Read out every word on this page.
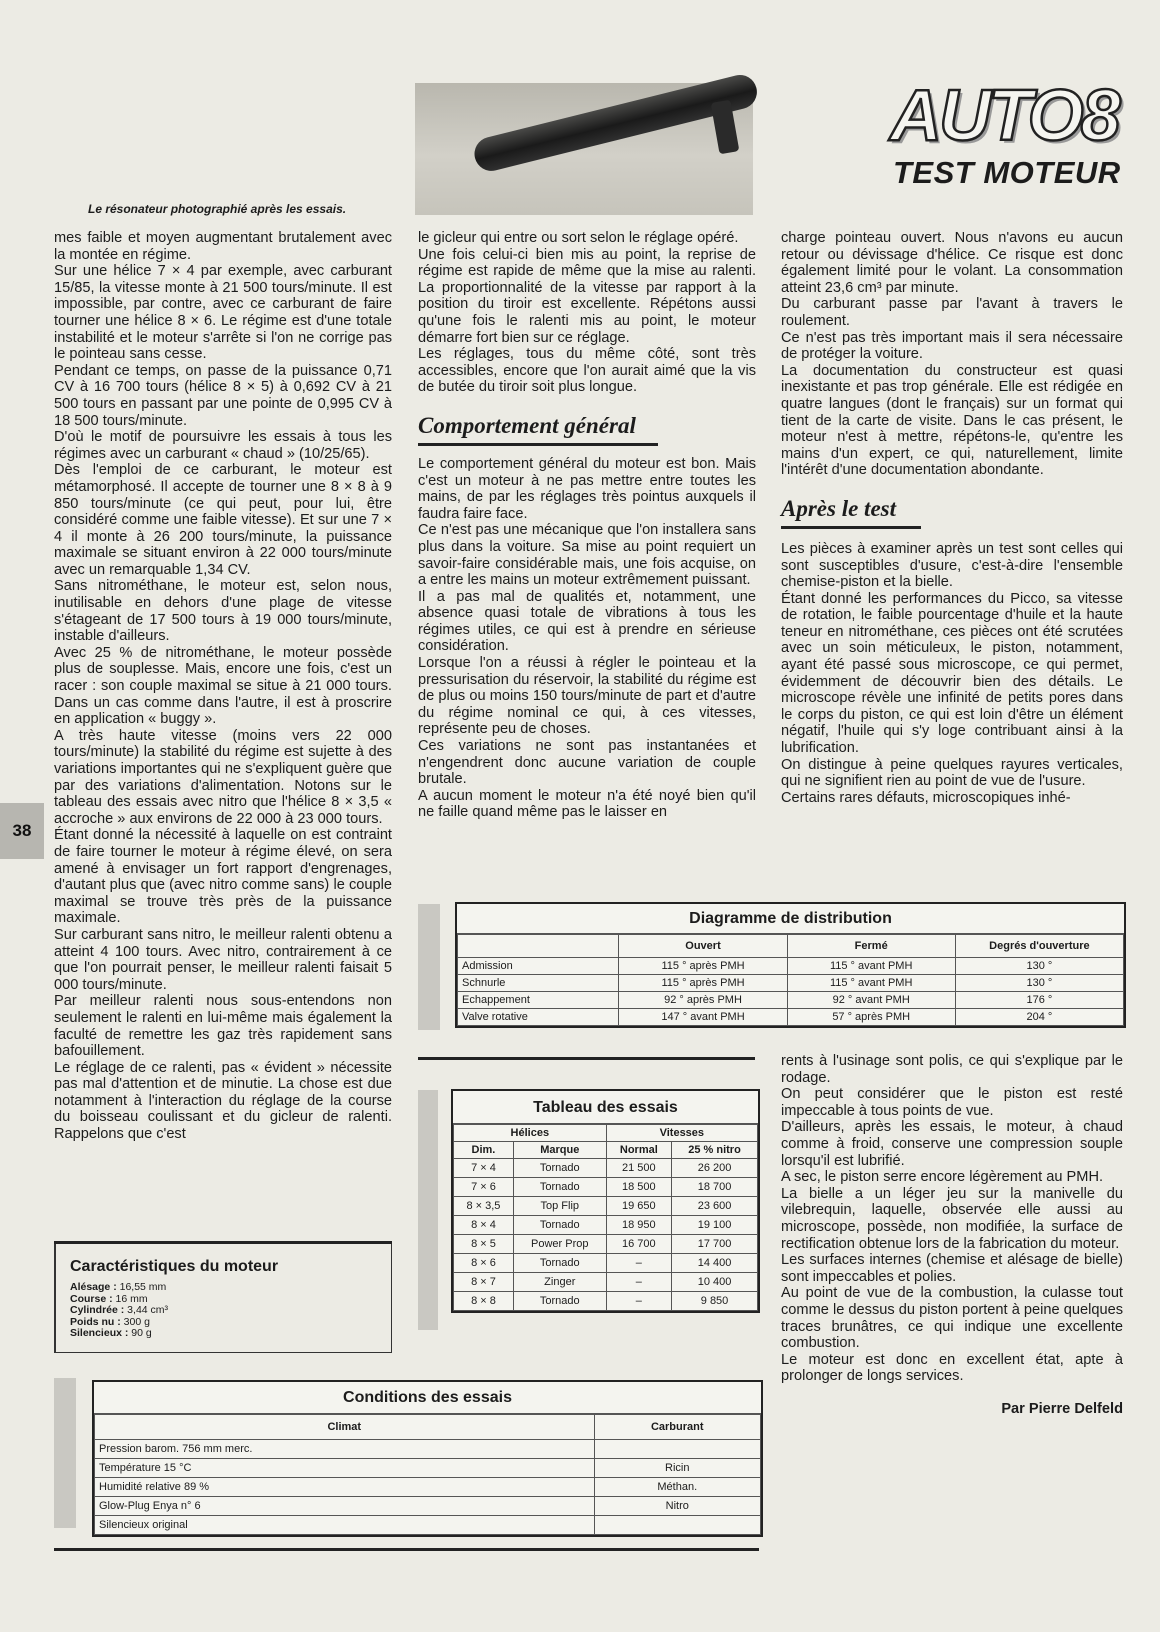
Le résonateur photographié après les essais.
AUTO8
TEST MOTEUR
38

mes faible et moyen augmentant brutalement avec la montée en régime.

Sur une hélice 7 × 4 par exemple, avec carburant 15/85, la vitesse monte à 21 500 tours/minute. Il est impossible, par contre, avec ce carburant de faire tourner une hélice 8 × 6. Le régime est d'une totale instabilité et le moteur s'arrête si l'on ne corrige pas le pointeau sans cesse.

Pendant ce temps, on passe de la puissance 0,71 CV à 16 700 tours (hélice 8 × 5) à 0,692 CV à 21 500 tours en passant par une pointe de 0,995 CV à 18 500 tours/minute.

D'où le motif de poursuivre les essais à tous les régimes avec un carburant « chaud » (10/25/65).

Dès l'emploi de ce carburant, le moteur est métamorphosé. Il accepte de tourner une 8 × 8 à 9 850 tours/minute (ce qui peut, pour lui, être considéré comme une faible vitesse). Et sur une 7 × 4 il monte à 26 200 tours/minute, la puissance maximale se situant environ à 22 000 tours/minute avec un remarquable 1,34 CV.

Sans nitrométhane, le moteur est, selon nous, inutilisable en dehors d'une plage de vitesse s'étageant de 17 500 tours à 19 000 tours/minute, instable d'ailleurs.

Avec 25 % de nitrométhane, le moteur possède plus de souplesse. Mais, encore une fois, c'est un racer : son couple maximal se situe à 21 000 tours. Dans un cas comme dans l'autre, il est à proscrire en application « buggy ».

A très haute vitesse (moins vers 22 000 tours/minute) la stabilité du régime est sujette à des variations importantes qui ne s'expliquent guère que par des variations d'alimentation. Notons sur le tableau des essais avec nitro que l'hélice 8 × 3,5 « accroche » aux environs de 22 000 à 23 000 tours.

Étant donné la nécessité à laquelle on est contraint de faire tourner le moteur à régime élevé, on sera amené à envisager un fort rapport d'engrenages, d'autant plus que (avec nitro comme sans) le couple maximal se trouve très près de la puissance maximale.

Sur carburant sans nitro, le meilleur ralenti obtenu a atteint 4 100 tours. Avec nitro, contrairement à ce que l'on pourrait penser, le meilleur ralenti faisait 5 000 tours/minute.

Par meilleur ralenti nous sous-entendons non seulement le ralenti en lui-même mais également la faculté de remettre les gaz très rapidement sans bafouillement.

Le réglage de ce ralenti, pas « évident » nécessite pas mal d'attention et de minutie. La chose est due notamment à l'interaction du réglage de la course du boisseau coulissant et du gicleur de ralenti. Rappelons que c'est

le gicleur qui entre ou sort selon le réglage opéré.

Une fois celui-ci bien mis au point, la reprise de régime est rapide de même que la mise au ralenti. La proportionnalité de la vitesse par rapport à la position du tiroir est excellente. Répétons aussi qu'une fois le ralenti mis au point, le moteur démarre fort bien sur ce réglage.

Les réglages, tous du même côté, sont très accessibles, encore que l'on aurait aimé que la vis de butée du tiroir soit plus longue.

Comportement général

Le comportement général du moteur est bon. Mais c'est un moteur à ne pas mettre entre toutes les mains, de par les réglages très pointus auxquels il faudra faire face.

Ce n'est pas une mécanique que l'on installera sans plus dans la voiture. Sa mise au point requiert un savoir-faire considérable mais, une fois acquise, on a entre les mains un moteur extrêmement puissant.

Il a pas mal de qualités et, notamment, une absence quasi totale de vibrations à tous les régimes utiles, ce qui est à prendre en sérieuse considération.

Lorsque l'on a réussi à régler le pointeau et la pressurisation du réservoir, la stabilité du régime est de plus ou moins 150 tours/minute de part et d'autre du régime nominal ce qui, à ces vitesses, représente peu de choses.

Ces variations ne sont pas instantanées et n'engendrent donc aucune variation de couple brutale.

A aucun moment le moteur n'a été noyé bien qu'il ne faille quand même pas le laisser en

charge pointeau ouvert. Nous n'avons eu aucun retour ou dévissage d'hélice. Ce risque est donc également limité pour le volant. La consommation atteint 23,6 cm³ par minute.

Du carburant passe par l'avant à travers le roulement.

Ce n'est pas très important mais il sera nécessaire de protéger la voiture.

La documentation du constructeur est quasi inexistante et pas trop générale. Elle est rédigée en quatre langues (dont le français) sur un format qui tient de la carte de visite. Dans le cas présent, le moteur n'est à mettre, répétons-le, qu'entre les mains d'un expert, ce qui, naturellement, limite l'intérêt d'une documentation abondante.

Après le test

Les pièces à examiner après un test sont celles qui sont susceptibles d'usure, c'est-à-dire l'ensemble chemise-piston et la bielle.

Étant donné les performances du Picco, sa vitesse de rotation, le faible pourcentage d'huile et la haute teneur en nitrométhane, ces pièces ont été scrutées avec un soin méticuleux, le piston, notamment, ayant été passé sous microscope, ce qui permet, évidemment de découvrir bien des détails. Le microscope révèle une infinité de petits pores dans le corps du piston, ce qui est loin d'être un élément négatif, l'huile qui s'y loge contribuant ainsi à la lubrification.

On distingue à peine quelques rayures verticales, qui ne signifient rien au point de vue de l'usure.

Certains rares défauts, microscopiques inhé-

rents à l'usinage sont polis, ce qui s'explique par le rodage.

On peut considérer que le piston est resté impeccable à tous points de vue.

D'ailleurs, après les essais, le moteur, à chaud comme à froid, conserve une compression souple lorsqu'il est lubrifié.

A sec, le piston serre encore légèrement au PMH.

La bielle a un léger jeu sur la manivelle du vilebrequin, laquelle, observée elle aussi au microscope, possède, non modifiée, la surface de rectification obtenue lors de la fabrication du moteur.

Les surfaces internes (chemise et alésage de bielle) sont impeccables et polies.

Au point de vue de la combustion, la culasse tout comme le dessus du piston portent à peine quelques traces brunâtres, ce qui indique une excellente combustion.

Le moteur est donc en excellent état, apte à prolonger de longs services.

Par Pierre Delfeld
Diagramme de distribution
	Ouvert	Fermé	Degrés d'ouverture
Admission	115 ° après PMH	115 ° avant PMH	130 °
Schnurle	115 ° après PMH	115 ° avant PMH	130 °
Echappement	92 ° après PMH	92 ° avant PMH	176 °
Valve rotative	147 ° avant PMH	57 ° après PMH	204 °
Tableau des essais
Hélices		Vitesses	
Dim.	Marque	Normal	25 % nitro
7 × 4	Tornado	21 500	26 200
7 × 6	Tornado	18 500	18 700
8 × 3,5	Top Flip	19 650	23 600
8 × 4	Tornado	18 950	19 100
8 × 5	Power Prop	16 700	17 700
8 × 6	Tornado	–	14 400
8 × 7	Zinger	–	10 400
8 × 8	Tornado	–	9 850
Caractéristiques du moteur
Alésage : 16,55 mm
Course : 16 mm
Cylindrée : 3,44 cm³
Poids nu : 300 g
Silencieux : 90 g
Conditions des essais
Climat	Carburant
Pression barom. 756 mm merc.	
Température 15 °C	Ricin
Humidité relative 89 %	Méthan.
Glow-Plug Enya n° 6	Nitro
Silencieux original	
